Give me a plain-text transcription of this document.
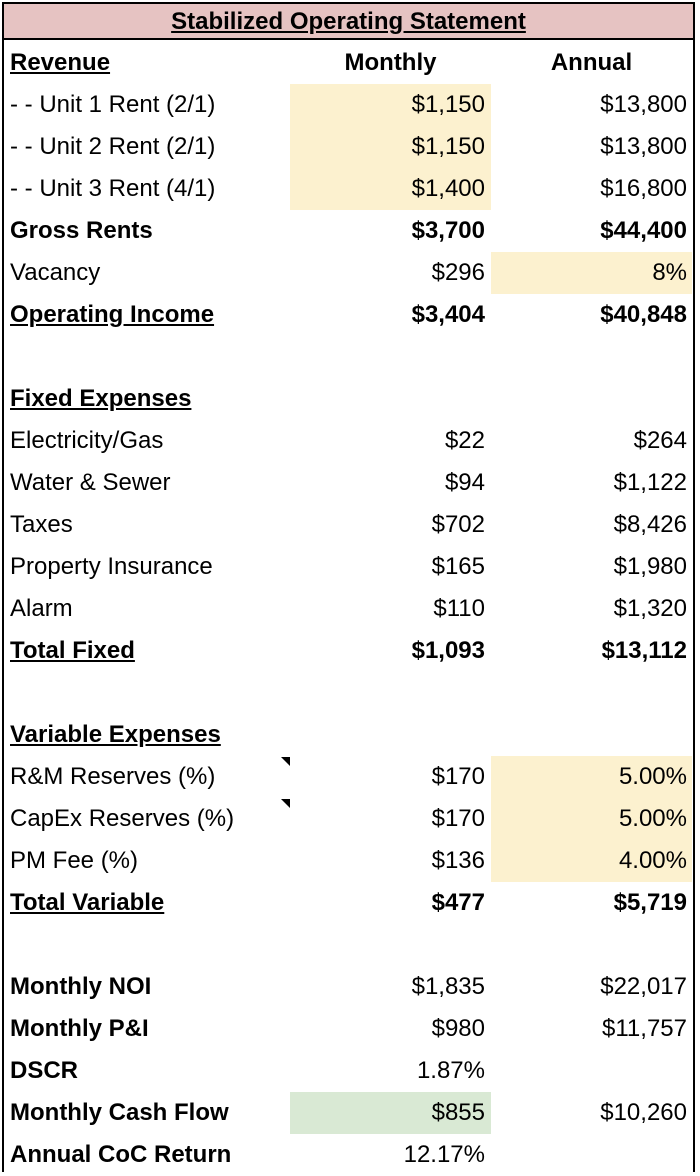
Stabilized Operating Statement
Revenue	Monthly	Annual
- - Unit 1 Rent (2/1)	$1,150	$13,800
- - Unit 2 Rent (2/1)	$1,150	$13,800
- - Unit 3 Rent (4/1)	$1,400	$16,800
Gross Rents	$3,700	$44,400
Vacancy	$296	8%
Operating Income	$3,404	$40,848
Fixed Expenses
Electricity/Gas	$22	$264
Water & Sewer	$94	$1,122
Taxes	$702	$8,426
Property Insurance	$165	$1,980
Alarm	$110	$1,320
Total Fixed	$1,093	$13,112
Variable Expenses
R&M Reserves (%)	$170	5.00%
CapEx Reserves (%)	$170	5.00%
PM Fee (%)	$136	4.00%
Total Variable	$477	$5,719
Monthly NOI	$1,835	$22,017
Monthly P&I	$980	$11,757
DSCR	1.87%
Monthly Cash Flow	$855	$10,260
Annual CoC Return	12.17%
